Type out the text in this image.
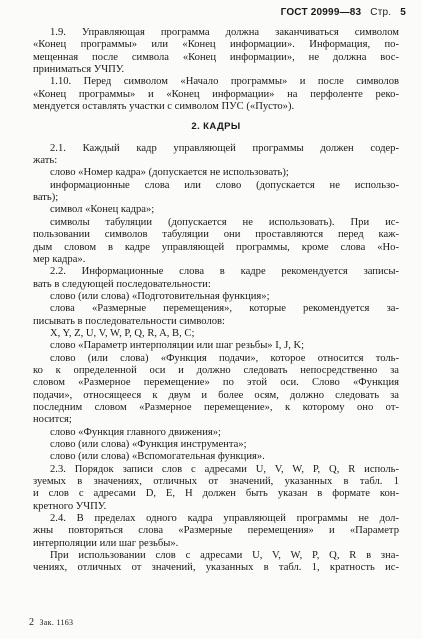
ГОСТ 20999—83 Стр. 5
1.9. Управляющая программа должна заканчиваться символом
«Конец программы» или «Конец информации». Информация, по-
мещенная после символа «Конец информации», не должна вос-
приниматься УЧПУ.
1.10. Перед символом «Начало программы» и после символов
«Конец программы» и «Конец информации» на перфоленте реко-
мендуется оставлять участки с символом ПУС («Пусто»).
2. КАДРЫ
2.1. Каждый кадр управляющей программы должен содер-
жать:
слово «Номер кадра» (допускается не использовать);
информационные слова или слово (допускается не использо-
вать);
символ «Конец кадра»;
символы табуляции (допускается не использовать). При ис-
пользовании символов табуляции они проставляются перед каж-
дым словом в кадре управляющей программы, кроме слова «Но-
мер кадра».
2.2. Информационные слова в кадре рекомендуется записы-
вать в следующей последовательности:
слово (или слова) «Подготовительная функция»;
слова «Размерные перемещения», которые рекомендуется за-
писывать в последовательности символов:
X, Y, Z, U, V, W, P, Q, R, A, B, C;
слово «Параметр интерполяции или шаг резьбы» I, J, K;
слово (или слова) «Функция подачи», которое относится толь-
ко к определенной оси и должно следовать непосредственно за
словом «Размерное перемещение» по этой оси. Слово «Функция
подачи», относящееся к двум и более осям, должно следовать за
последним словом «Размерное перемещение», к которому оно от-
носится;
слово «Функция главного движения»;
слово (или слова) «Функция инструмента»;
слово (или слова) «Вспомогательная функция».
2.3. Порядок записи слов с адресами U, V, W, P, Q, R исполь-
зуемых в значениях, отличных от значений, указанных в табл. 1
и слов с адресами D, E, H должен быть указан в формате кон-
кретного УЧПУ.
2.4. В пределах одного кадра управляющей программы не дол-
жны повторяться слова «Размерные перемещения» и «Параметр
интерполяции или шаг резьбы».
При использовании слов с адресами U, V, W, P, Q, R в зна-
чениях, отличных от значений, указанных в табл. 1, кратность ис-
2 Зак. 1163
